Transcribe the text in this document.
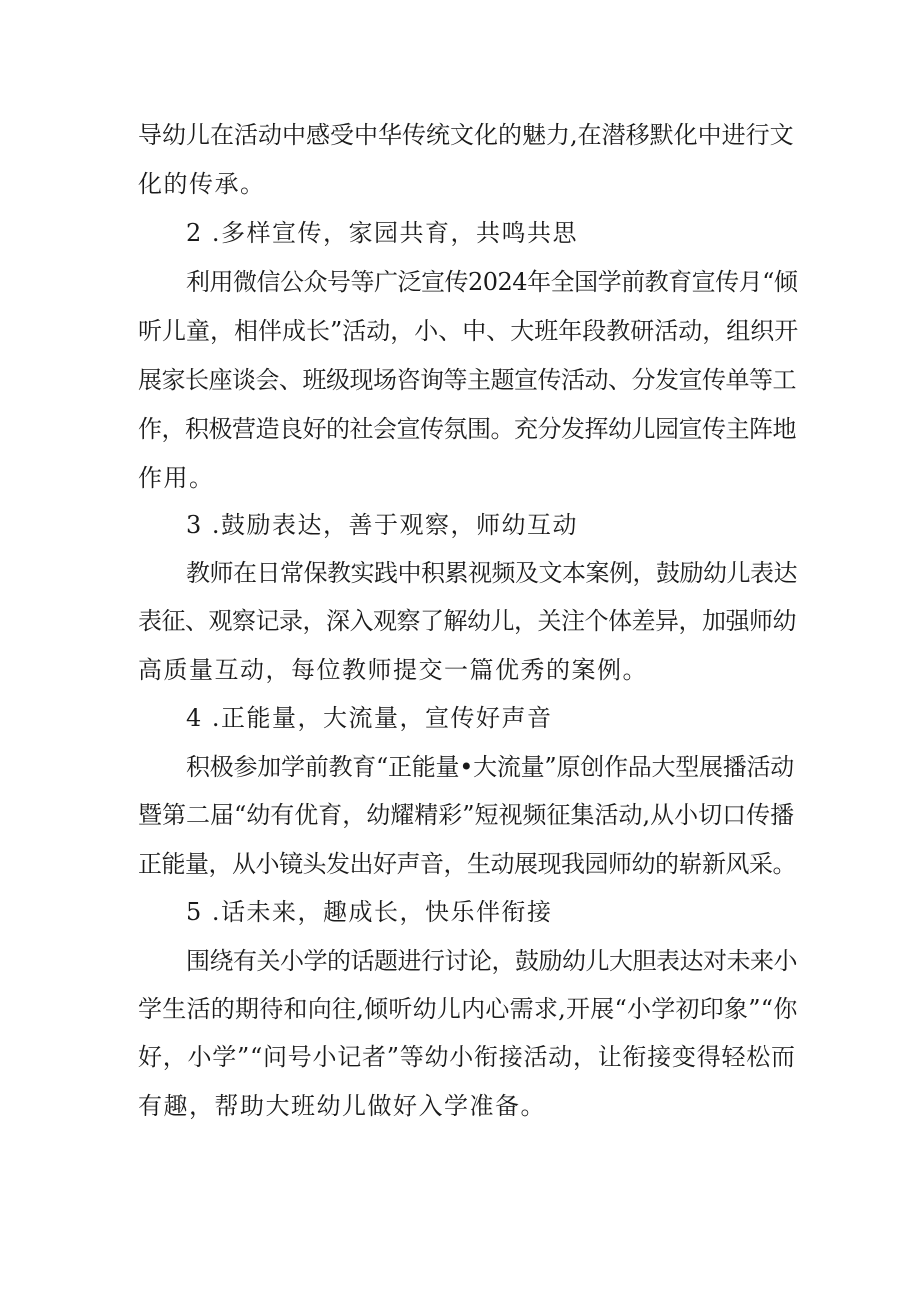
导幼儿在活动中感受中华传统文化的魅力,在潜移默化中进行文
化的传承。
2 .多样宣传，家园共育，共鸣共思
利用微信公众号等广泛宣传2024年全国学前教育宣传月“倾
听儿童，相伴成长”活动，小、中、大班年段教研活动，组织开
展家长座谈会、班级现场咨询等主题宣传活动、分发宣传单等工
作，积极营造良好的社会宣传氛围。充分发挥幼儿园宣传主阵地
作用。
3 .鼓励表达，善于观察，师幼互动
教师在日常保教实践中积累视频及文本案例，鼓励幼儿表达
表征、观察记录，深入观察了解幼儿，关注个体差异，加强师幼
高质量互动，每位教师提交一篇优秀的案例。
4 .正能量，大流量，宣传好声音
积极参加学前教育“正能量•大流量”原创作品大型展播活动
暨第二届“幼有优育，幼耀精彩”短视频征集活动,从小切口传播
正能量，从小镜头发出好声音，生动展现我园师幼的崭新风采。
5 .话未来，趣成长，快乐伴衔接
围绕有关小学的话题进行讨论，鼓励幼儿大胆表达对未来小
学生活的期待和向往,倾听幼儿内心需求,开展“小学初印象”“你
好，小学”“问号小记者”等幼小衔接活动，让衔接变得轻松而
有趣，帮助大班幼儿做好入学准备。
